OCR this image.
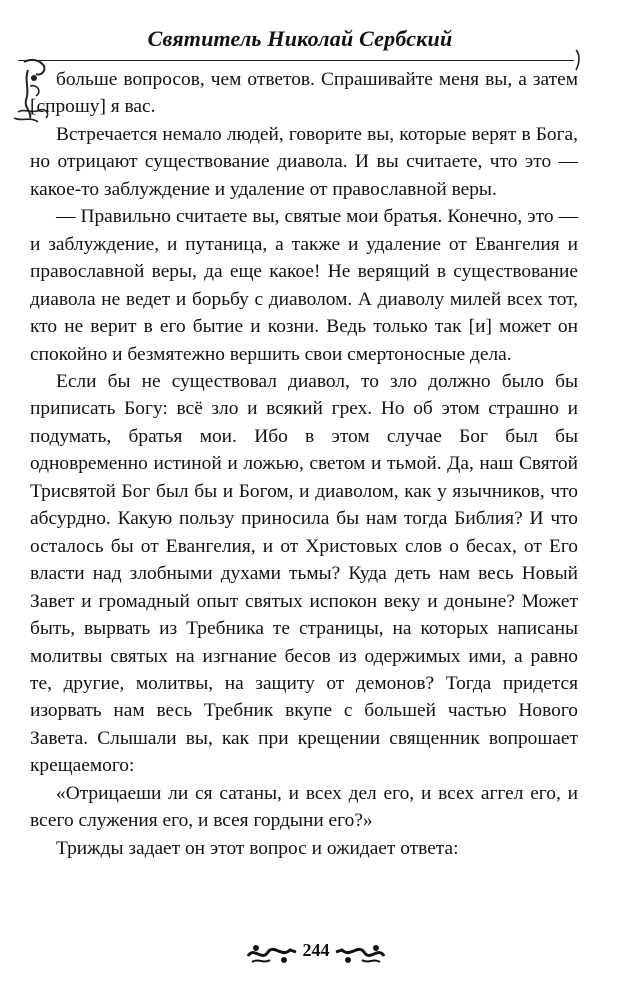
Святитель Николай Сербский

больше вопросов, чем ответов. Спрашивайте меня вы, а затем [спрошу] я вас.

Встречается немало людей, говорите вы, которые верят в Бога, но отрицают существование диавола. И вы считаете, что это — какое-то заблуждение и удаление от православной веры.

— Правильно считаете вы, святые мои братья. Конечно, это — и заблуждение, и путаница, а также и удаление от Евангелия и православной веры, да еще какое! Не верящий в существование диавола не ведет и борьбу с диаволом. А диаволу милей всех тот, кто не верит в его бытие и козни. Ведь только так [и] может он спокойно и безмятежно вершить свои смертоносные дела.

Если бы не существовал диавол, то зло должно было бы приписать Богу: всё зло и всякий грех. Но об этом страшно и подумать, братья мои. Ибо в этом случае Бог был бы одновременно истиной и ложью, светом и тьмой. Да, наш Святой Трисвятой Бог был бы и Богом, и диаволом, как у язычников, что абсурдно. Какую пользу приносила бы нам тогда Библия? И что осталось бы от Евангелия, и от Христовых слов о бесах, от Его власти над злобными духами тьмы? Куда деть нам весь Новый Завет и громадный опыт святых испокон веку и доныне? Может быть, вырвать из Требника те страницы, на которых написаны молитвы святых на изгнание бесов из одержимых ими, а равно те, другие, молитвы, на защиту от демонов? Тогда придется изорвать нам весь Требник вкупе с большей частью Нового Завета. Слышали вы, как при крещении священник вопрошает крещаемого:

«Отрицаеши ли ся сатаны, и всех дел его, и всех аггел его, и всего служения его, и всея гордыни его?»

Трижды задает он этот вопрос и ожидает ответа:

244
